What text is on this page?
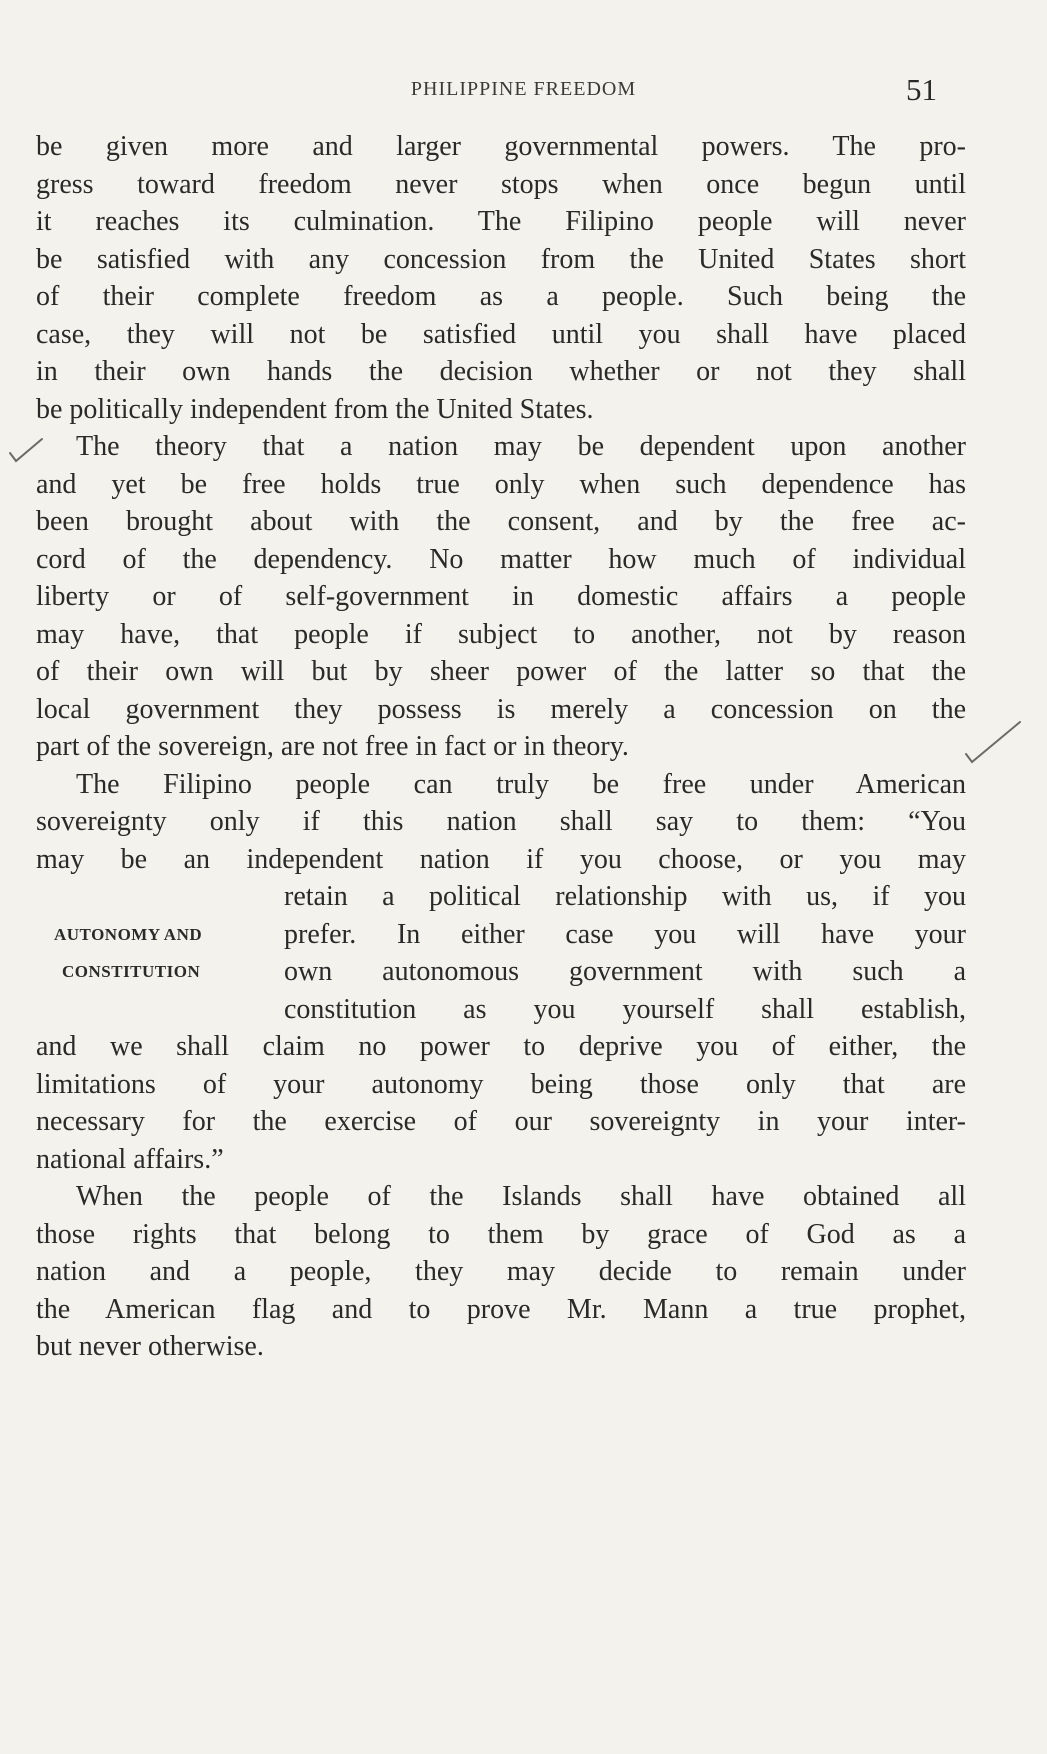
PHILIPPINE FREEDOM	51
be given more and larger governmental powers. The pro-
gress toward freedom never stops when once begun until
it reaches its culmination. The Filipino people will never
be satisfied with any concession from the United States short
of their complete freedom as a people. Such being the
case, they will not be satisfied until you shall have placed
in their own hands the decision whether or not they shall
be politically independent from the United States.
The theory that a nation may be dependent upon another
and yet be free holds true only when such dependence has
been brought about with the consent, and by the free ac-
cord of the dependency. No matter how much of individual
liberty or of self-government in domestic affairs a people
may have, that people if subject to another, not by reason
of their own will but by sheer power of the latter so that the
local government they possess is merely a concession on the
part of the sovereign, are not free in fact or in theory.
The Filipino people can truly be free under American
sovereignty only if this nation shall say to them: “You
may be an independent nation if you choose, or you may
retain a political relationship with us, if you
AUTONOMY AND	prefer. In either case you will have your
CONSTITUTION	own autonomous government with such a
constitution as you yourself shall establish,
and we shall claim no power to deprive you of either, the
limitations of your autonomy being those only that are
necessary for the exercise of our sovereignty in your inter-
national affairs.”
When the people of the Islands shall have obtained all
those rights that belong to them by grace of God as a
nation and a people, they may decide to remain under
the American flag and to prove Mr. Mann a true prophet,
but never otherwise.
